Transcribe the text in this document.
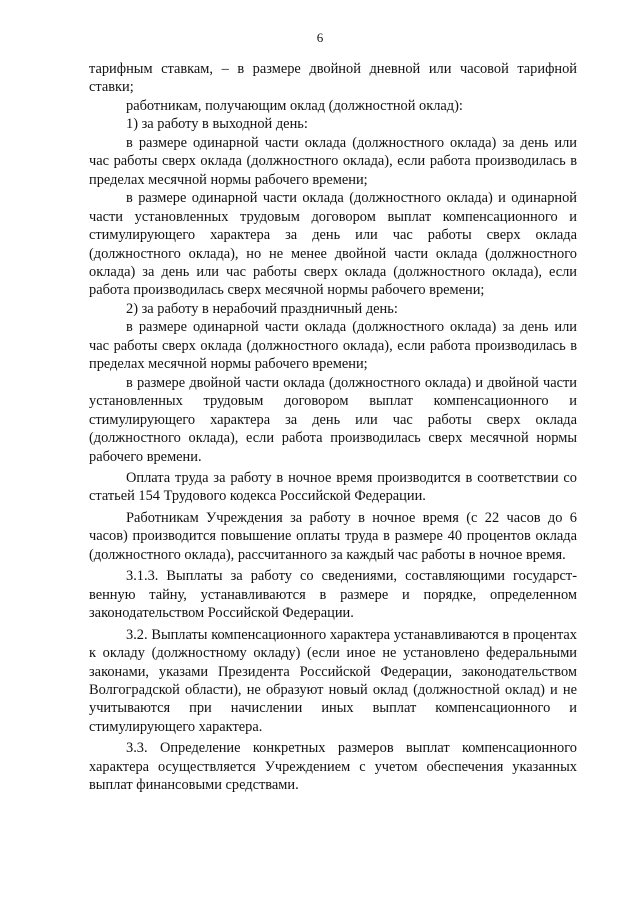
6

тарифным ставкам, – в размере двойной дневной или часовой тарифной ставки;

работникам, получающим оклад (должностной оклад):

1) за работу в выходной день:

в размере одинарной части оклада (должностного оклада) за день или час работы сверх оклада (должностного оклада), если работа производилась в пределах месячной нормы рабочего времени;

в размере одинарной части оклада (должностного оклада) и одинарной части установленных трудовым договором выплат компенсационного и стимулирующего характера за день или час работы сверх оклада (должностного оклада), но не менее двойной части оклада (должностного оклада) за день или час работы сверх оклада (должностного оклада), если работа производилась сверх месячной нормы рабочего времени;

2) за работу в нерабочий праздничный день:

в размере одинарной части оклада (должностного оклада) за день или час работы сверх оклада (должностного оклада), если работа производилась в пределах месячной нормы рабочего времени;

в размере двойной части оклада (должностного оклада) и двойной части установленных трудовым договором выплат компенсационного и стимулирующего характера за день или час работы сверх оклада (должностного оклада), если работа производилась сверх месячной нормы рабочего времени.

Оплата труда за работу в ночное время производится в соответствии со статьей 154 Трудового кодекса Российской Федерации.

Работникам Учреждения за работу в ночное время (с 22 часов до 6 часов) производится повышение оплаты труда в размере 40 процентов оклада (должностного оклада), рассчитанного за каждый час работы в ночное время.

3.1.3. Выплаты за работу со сведениями, составляющими государст-венную тайну, устанавливаются в размере и порядке, определенном законодательством Российской Федерации.

3.2. Выплаты компенсационного характера устанавливаются в процентах к окладу (должностному окладу) (если иное не установлено федеральными законами, указами Президента Российской Федерации, законодательством Волгоградской области), не образуют новый оклад (должностной оклад) и не учитываются при начислении иных выплат компенсационного и стимулирующего характера.

3.3. Определение конкретных размеров выплат компенсационного характера осуществляется Учреждением с учетом обеспечения указанных выплат финансовыми средствами.
